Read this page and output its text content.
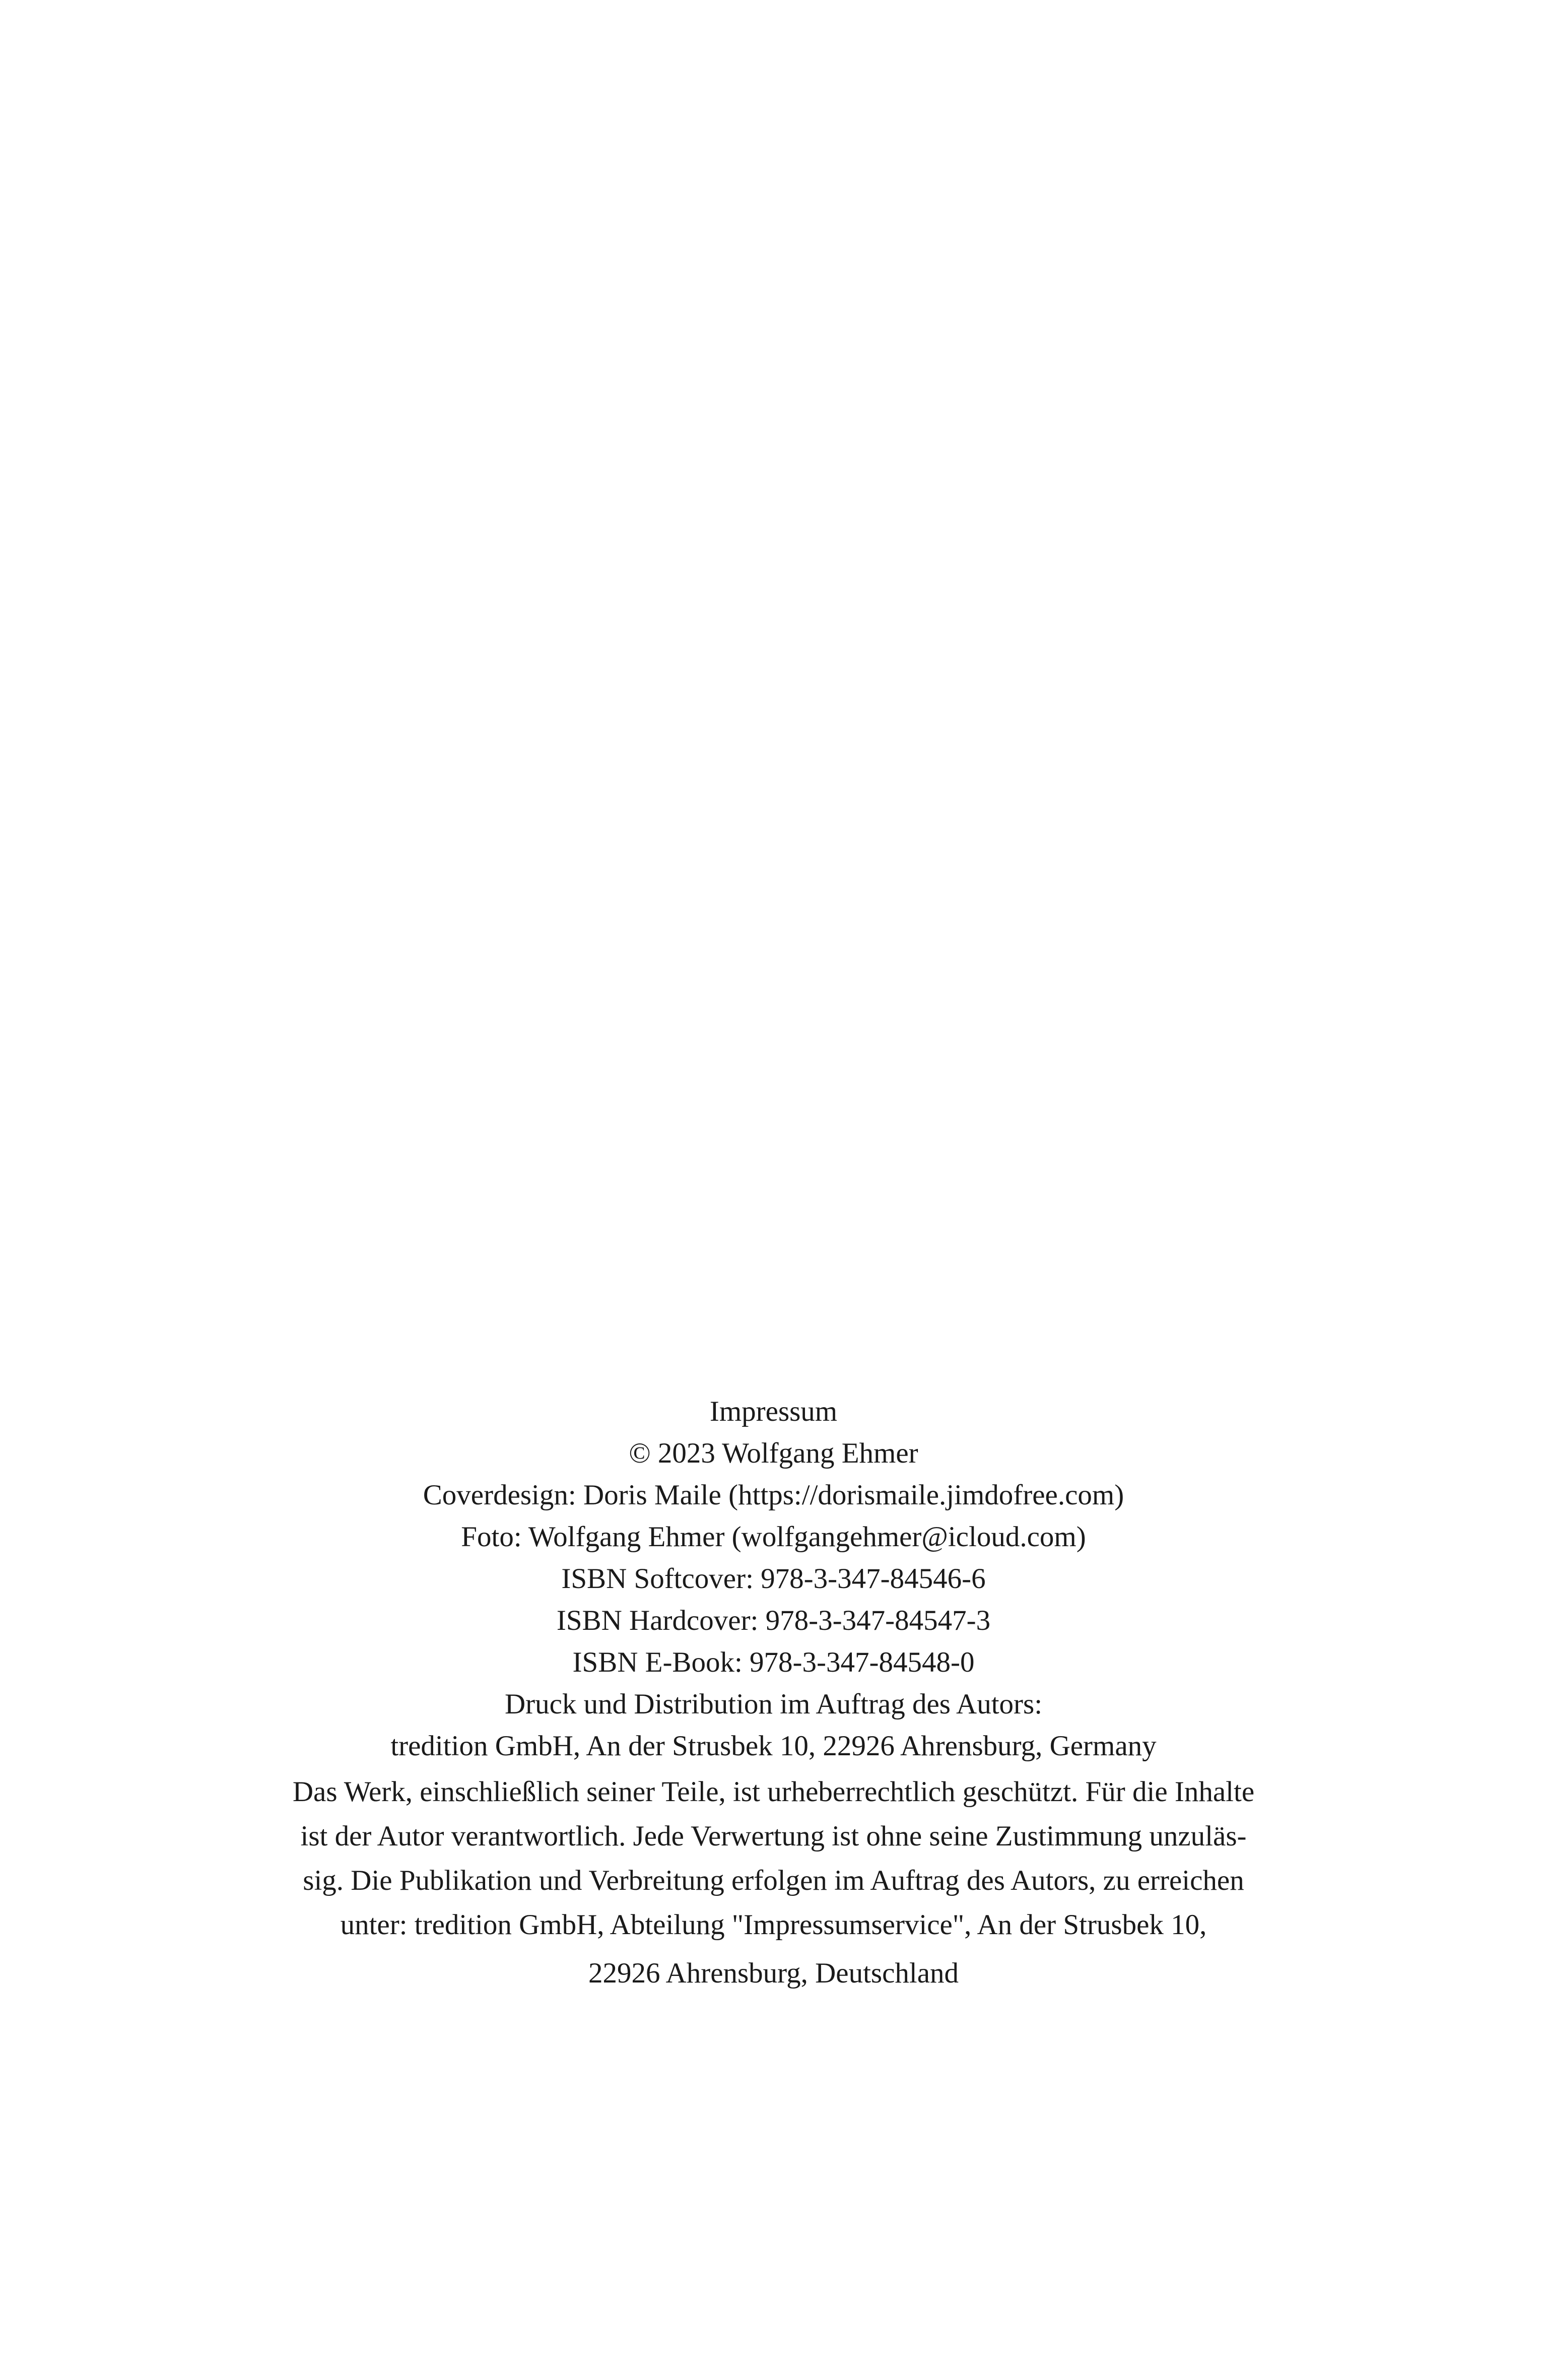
Impressum
© 2023 Wolfgang Ehmer
Coverdesign: Doris Maile (https://dorismaile.jimdofree.com)
Foto: Wolfgang Ehmer (wolfgangehmer@icloud.com)
ISBN Softcover: 978-3-347-84546-6
ISBN Hardcover: 978-3-347-84547-3
ISBN E-Book: 978-3-347-84548-0
Druck und Distribution im Auftrag des Autors:
tredition GmbH, An der Strusbek 10, 22926 Ahrensburg, Germany
Das Werk, einschließlich seiner Teile, ist urheberrechtlich geschützt. Für die Inhalte
ist der Autor verantwortlich. Jede Verwertung ist ohne seine Zustimmung unzuläs-
sig. Die Publikation und Verbreitung erfolgen im Auftrag des Autors, zu erreichen
unter: tredition GmbH, Abteilung "Impressumservice", An der Strusbek 10,
22926 Ahrensburg, Deutschland
